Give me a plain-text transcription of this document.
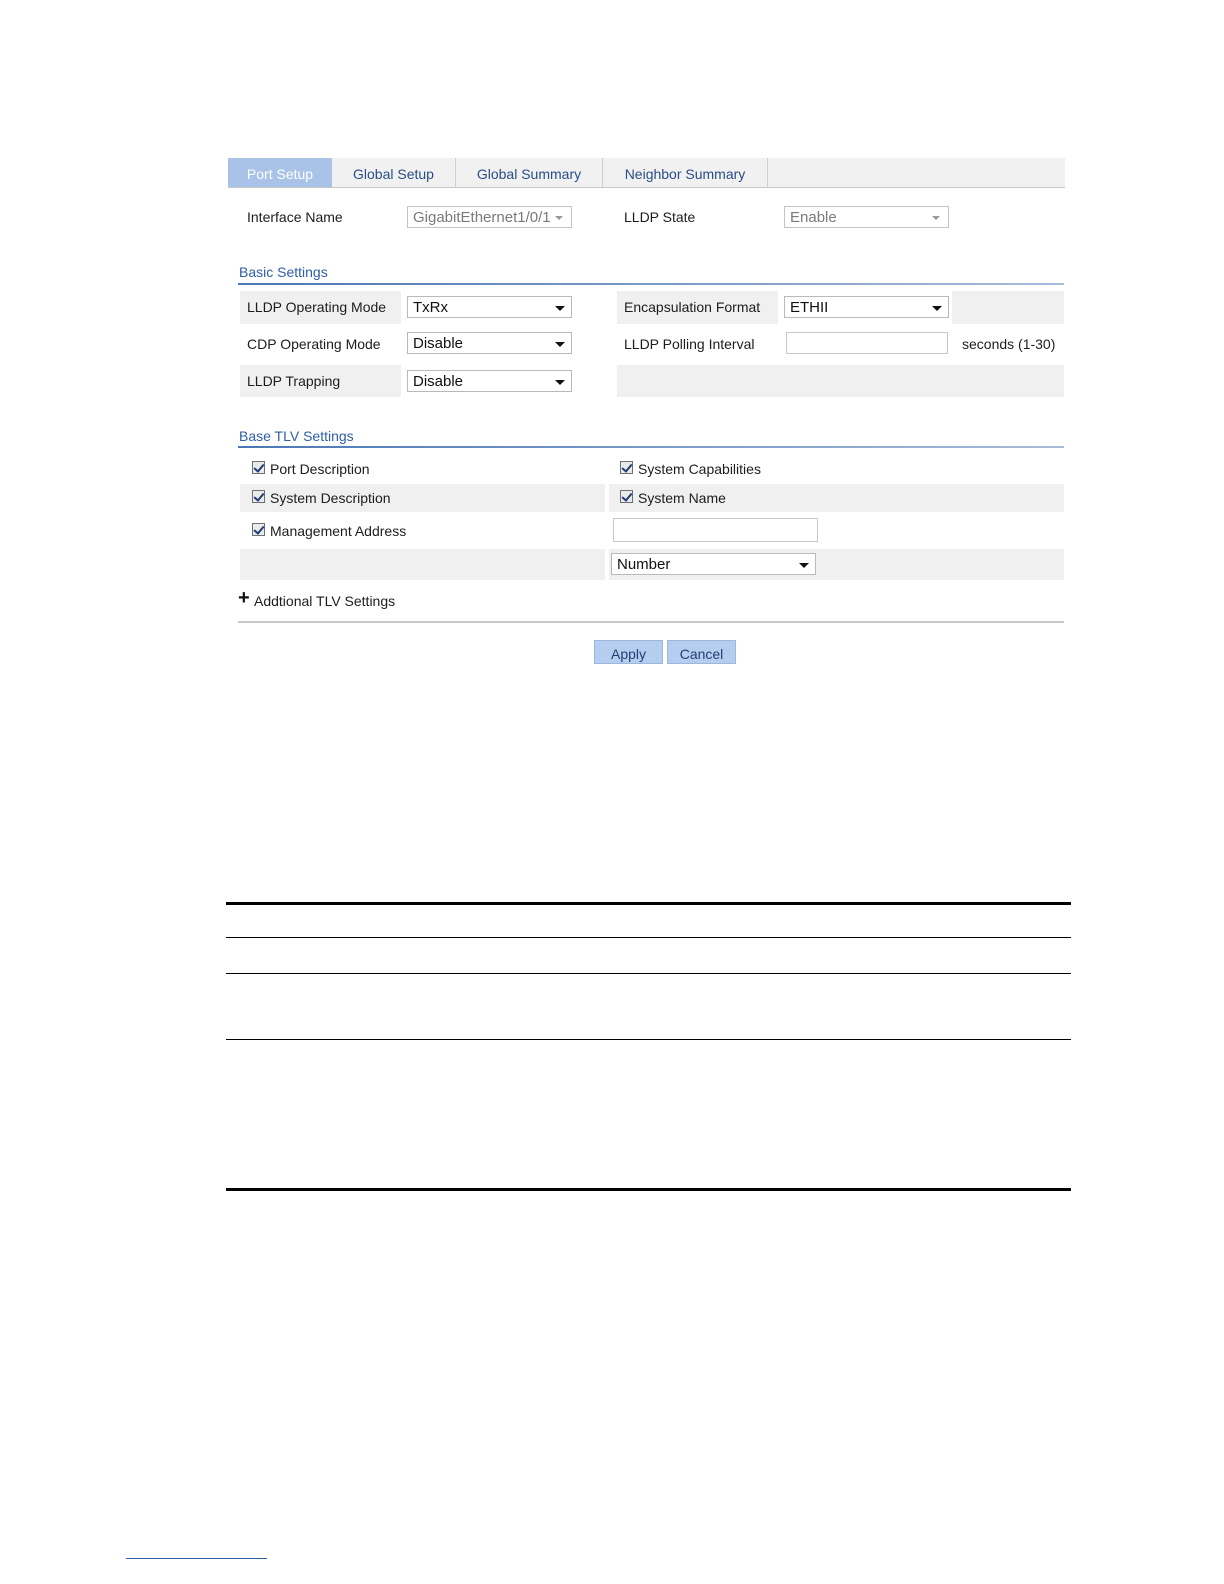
Port Setup	Global Setup	Global Summary	Neighbor Summary
Interface Name	GigabitEthernet1/0/1	LLDP State	Enable
Basic Settings
LLDP Operating Mode	TxRx	Encapsulation Format	ETHII
CDP Operating Mode	Disable	LLDP Polling Interval	seconds (1-30)
LLDP Trapping	Disable
Base TLV Settings
Port Description	System Capabilities
System Description	System Name
Management Address
Number
+ Addtional TLV Settings
Apply	Cancel
